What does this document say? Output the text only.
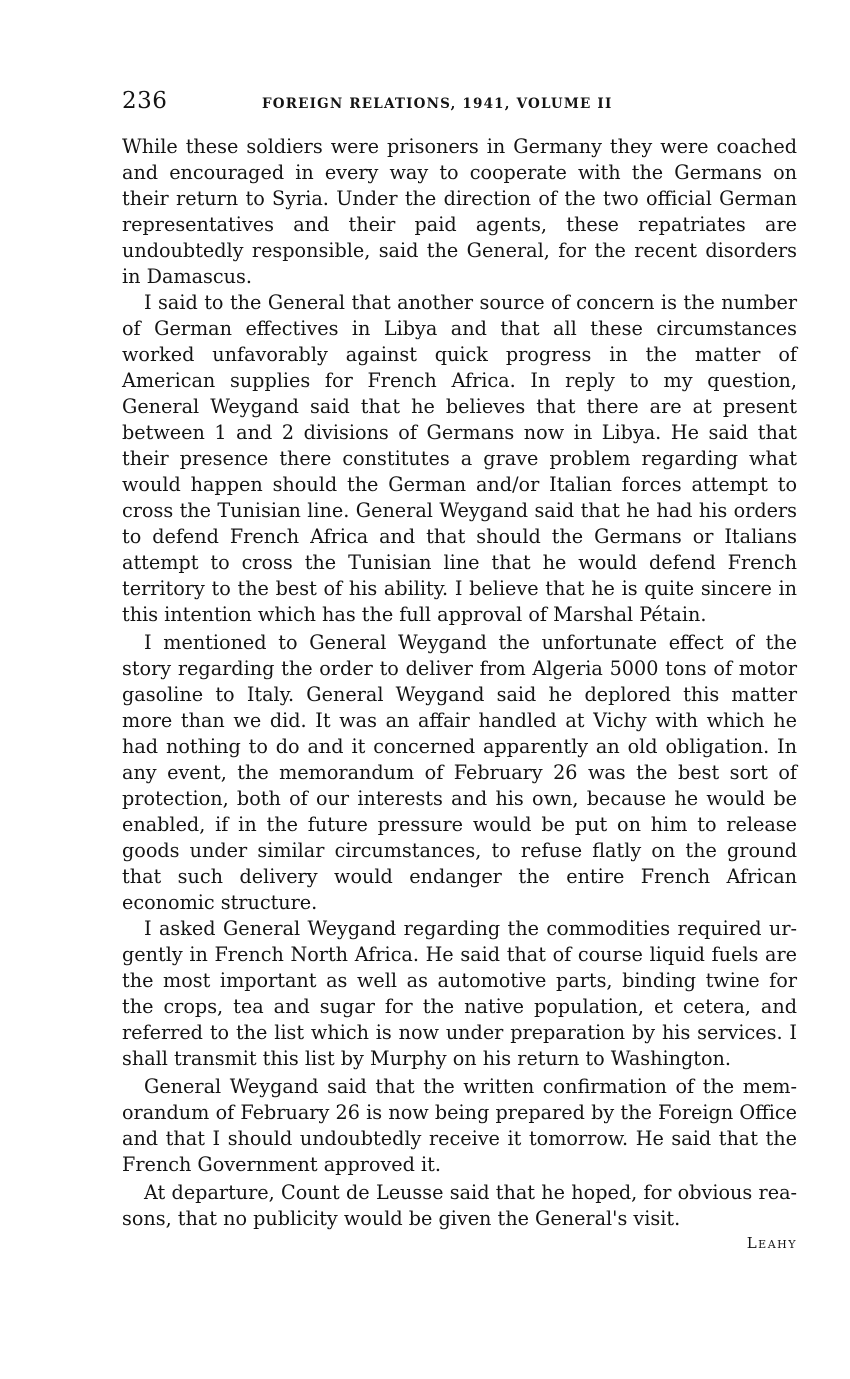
236	FOREIGN RELATIONS, 1941, VOLUME II

While these soldiers were prisoners in Germany they were coached and encouraged in every way to cooperate with the Germans on their return to Syria. Under the direction of the two official German representatives and their paid agents, these repatriates are undoubtedly responsible, said the General, for the recent disorders in Damascus.

I said to the General that another source of concern is the number of German effectives in Libya and that all these circumstances worked unfavorably against quick progress in the matter of American supplies for French Africa. In reply to my question, General Weygand said that he believes that there are at present between 1 and 2 divisions of Germans now in Libya. He said that their presence there constitutes a grave problem regarding what would happen should the German and/or Italian forces attempt to cross the Tunisian line. General Weygand said that he had his orders to defend French Africa and that should the Germans or Italians attempt to cross the Tunisian line that he would defend French territory to the best of his ability. I believe that he is quite sincere in this intention which has the full approval of Marshal Pétain.

I mentioned to General Weygand the unfortunate effect of the story regarding the order to deliver from Algeria 5000 tons of motor gasoline to Italy. General Weygand said he deplored this matter more than we did. It was an affair handled at Vichy with which he had nothing to do and it concerned apparently an old obligation. In any event, the memorandum of February 26 was the best sort of protection, both of our interests and his own, because he would be enabled, if in the future pressure would be put on him to release goods under similar circumstances, to refuse flatly on the ground that such delivery would endanger the entire French African economic structure.

I asked General Weygand regarding the commodities required urgently in French North Africa. He said that of course liquid fuels are the most important as well as automotive parts, binding twine for the crops, tea and sugar for the native population, et cetera, and referred to the list which is now under preparation by his services. I shall transmit this list by Murphy on his return to Washington.

General Weygand said that the written confirmation of the memorandum of February 26 is now being prepared by the Foreign Office and that I should undoubtedly receive it tomorrow. He said that the French Government approved it.

At departure, Count de Leusse said that he hoped, for obvious reasons, that no publicity would be given the General's visit.

Leahy
